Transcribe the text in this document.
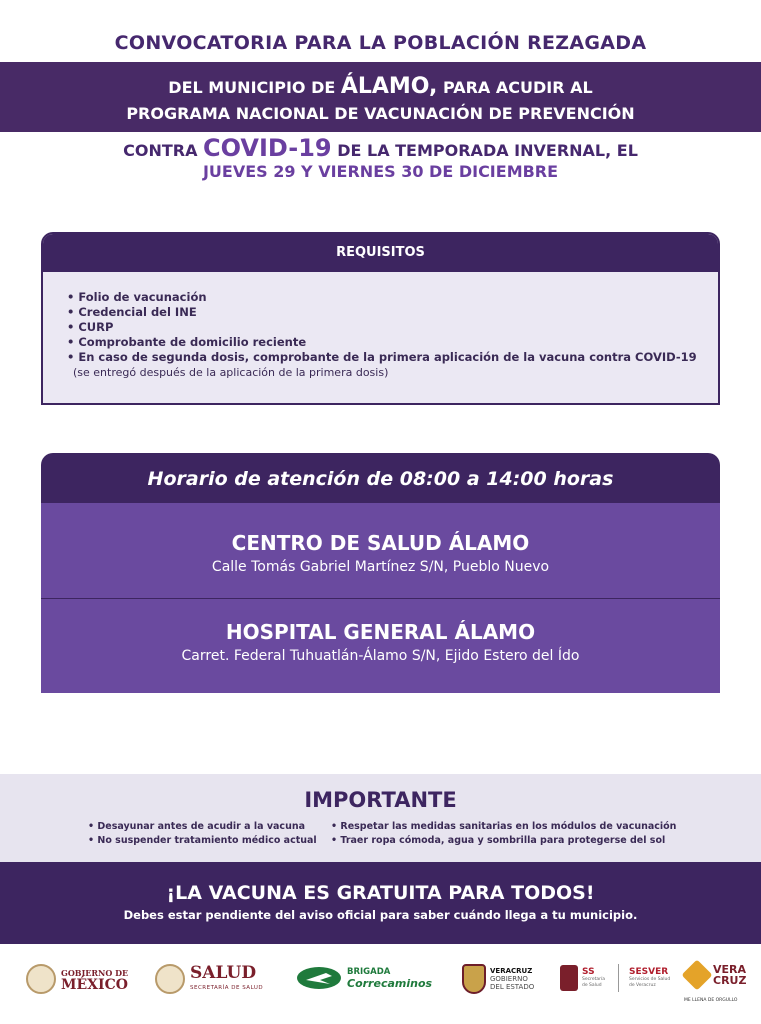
CONVOCATORIA PARA LA POBLACIÓN REZAGADA
DEL MUNICIPIO DE ÁLAMO, PARA ACUDIR AL
PROGRAMA NACIONAL DE VACUNACIÓN DE PREVENCIÓN
CONTRA COVID-19 DE LA TEMPORADA INVERNAL, EL
JUEVES 29 Y VIERNES 30 DE DICIEMBRE
REQUISITOS
• Folio de vacunación
• Credencial del INE
• CURP
• Comprobante de domicilio reciente
• En caso de segunda dosis, comprobante de la primera aplicación de la vacuna contra COVID-19
(se entregó después de la aplicación de la primera dosis)
Horario de atención de 08:00 a 14:00 horas
CENTRO DE SALUD ÁLAMO
Calle Tomás Gabriel Martínez S/N, Pueblo Nuevo
HOSPITAL GENERAL ÁLAMO
Carret. Federal Tuhuatlán-Álamo S/N, Ejido Estero del Ído
IMPORTANTE
• Desayunar antes de acudir a la vacuna
• No suspender tratamiento médico actual
• Respetar las medidas sanitarias en los módulos de vacunación
• Traer ropa cómoda, agua y sombrilla para protegerse del sol
¡LA VACUNA ES GRATUITA PARA TODOS!
Debes estar pendiente del aviso oficial para saber cuándo llega a tu municipio.
GOBIERNO DE
MÉXICO
SALUD
SECRETARÍA DE SALUD
BRIGADA
Correcaminos
VERACRUZ
GOBIERNO
DEL ESTADO
SS
Secretaría de Salud
SESVER
Servicios de Salud de Veracruz
VERA
CRUZ
ME LLENA DE ORGULLO
